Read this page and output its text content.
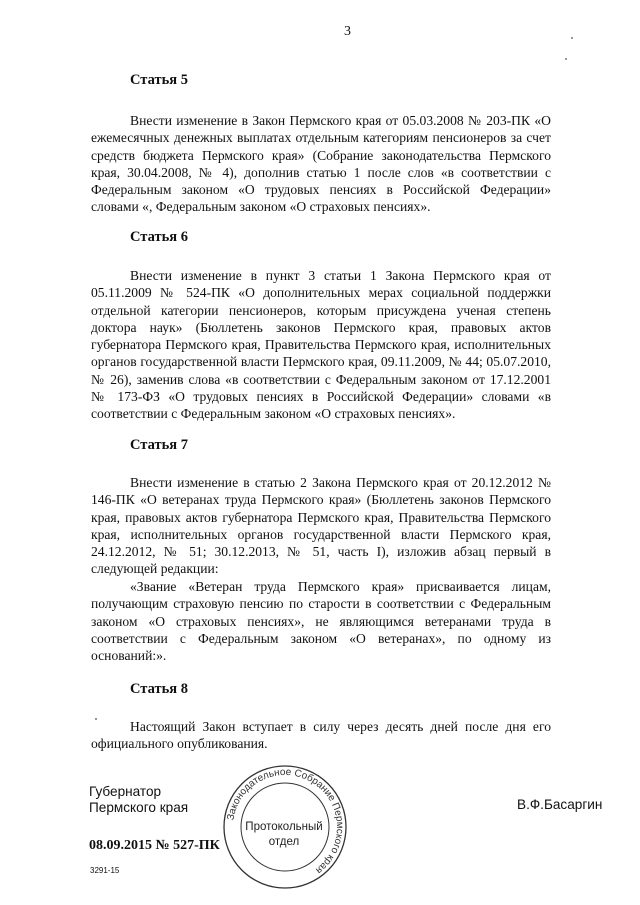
3
Статья 5

Внести изменение в Закон Пермского края от 05.03.2008 № 203-ПК «О ежемесячных денежных выплатах отдельным категориям пенсионеров за счет средств бюджета Пермского края» (Собрание законодательства Пермского края, 30.04.2008, № 4), дополнив статью 1 после слов «в соответствии с Федеральным законом «О трудовых пенсиях в Российской Федерации» словами «, Федеральным законом «О страховых пенсиях».

Статья 6

Внести изменение в пункт 3 статьи 1 Закона Пермского края от 05.11.2009 № 524-ПК «О дополнительных мерах социальной поддержки отдельной категории пенсионеров, которым присуждена ученая степень доктора наук» (Бюллетень законов Пермского края, правовых актов губернатора Пермского края, Правительства Пермского края, исполнительных органов государственной власти Пермского края, 09.11.2009, № 44; 05.07.2010, № 26), заменив слова «в соответствии с Федеральным законом от 17.12.2001 № 173-ФЗ «О трудовых пенсиях в Российской Федерации» словами «в соответствии с Федеральным законом «О страховых пенсиях».

Статья 7

Внести изменение в статью 2 Закона Пермского края от 20.12.2012 № 146-ПК «О ветеранах труда Пермского края» (Бюллетень законов Пермского края, правовых актов губернатора Пермского края, Правительства Пермского края, исполнительных органов государственной власти Пермского края, 24.12.2012, № 51; 30.12.2013, № 51, часть I), изложив абзац первый в следующей редакции:

«Звание «Ветеран труда Пермского края» присваивается лицам, получающим страховую пенсию по старости в соответствии с Федеральным законом «О страховых пенсиях», не являющимся ветеранами труда в соответствии с Федеральным законом «О ветеранах», по одному из оснований:».

Статья 8

Настоящий Закон вступает в силу через десять дней после дня его официального опубликования.

Губернатор
Пермского края	В.Ф.Басаргин
08.09.2015 № 527-ПК
3291-15
Законодательное Собрание Пермского края
Протокольный
отдел
